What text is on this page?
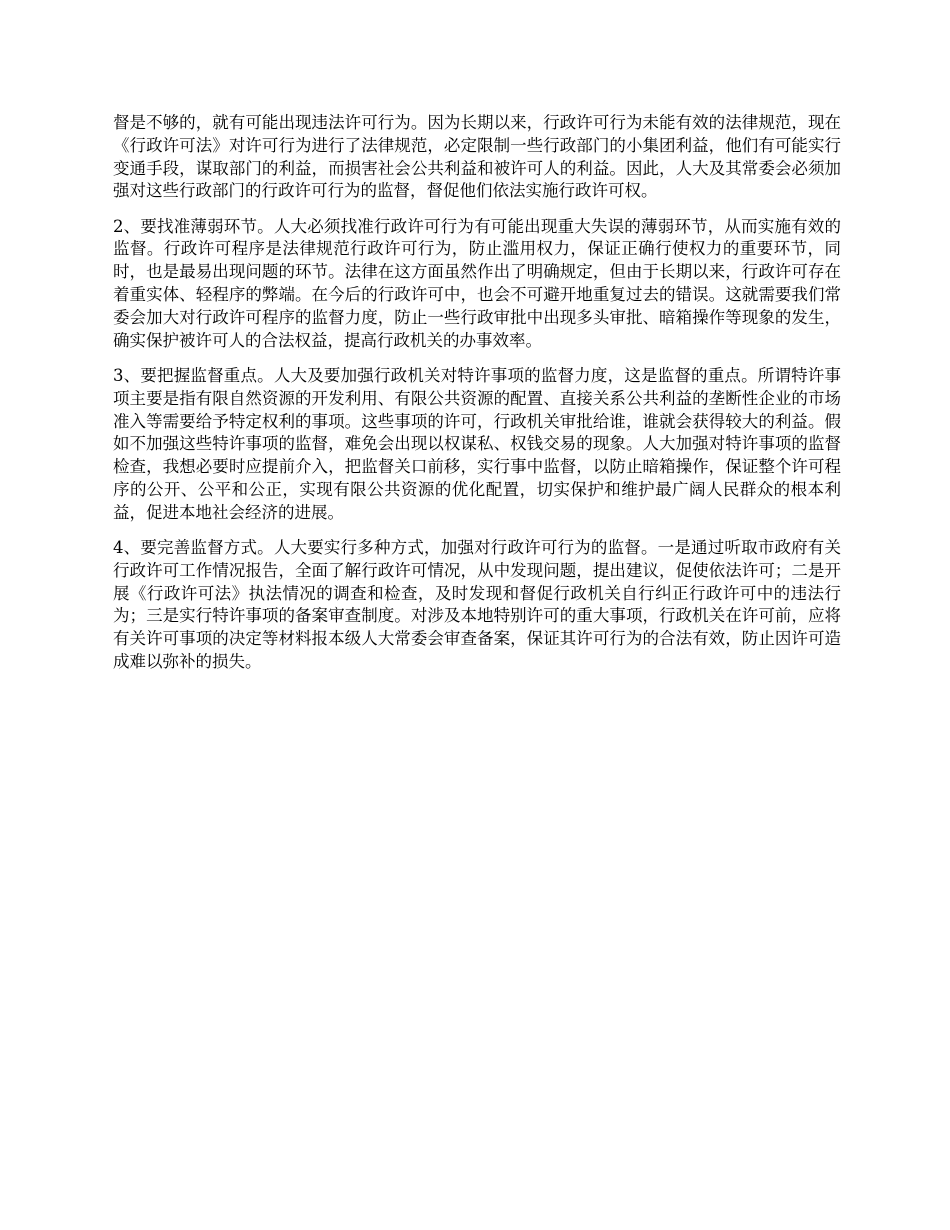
督是不够的，就有可能出现违法许可行为。因为长期以来，行政许可行为未能有效的法律规范，现在《行政许可法》对许可行为进行了法律规范，必定限制一些行政部门的小集团利益，他们有可能实行变通手段，谋取部门的利益，而损害社会公共利益和被许可人的利益。因此，人大及其常委会必须加强对这些行政部门的行政许可行为的监督，督促他们依法实施行政许可权。

2、要找准薄弱环节。人大必须找准行政许可行为有可能出现重大失误的薄弱环节，从而实施有效的监督。行政许可程序是法律规范行政许可行为，防止滥用权力，保证正确行使权力的重要环节，同时，也是最易出现问题的环节。法律在这方面虽然作出了明确规定，但由于长期以来，行政许可存在着重实体、轻程序的弊端。在今后的行政许可中，也会不可避开地重复过去的错误。这就需要我们常委会加大对行政许可程序的监督力度，防止一些行政审批中出现多头审批、暗箱操作等现象的发生，确实保护被许可人的合法权益，提高行政机关的办事效率。

3、要把握监督重点。人大及要加强行政机关对特许事项的监督力度，这是监督的重点。所谓特许事项主要是指有限自然资源的开发利用、有限公共资源的配置、直接关系公共利益的垄断性企业的市场准入等需要给予特定权利的事项。这些事项的许可，行政机关审批给谁，谁就会获得较大的利益。假如不加强这些特许事项的监督，难免会出现以权谋私、权钱交易的现象。人大加强对特许事项的监督检查，我想必要时应提前介入，把监督关口前移，实行事中监督，以防止暗箱操作，保证整个许可程序的公开、公平和公正，实现有限公共资源的优化配置，切实保护和维护最广阔人民群众的根本利益，促进本地社会经济的进展。

4、要完善监督方式。人大要实行多种方式，加强对行政许可行为的监督。一是通过听取市政府有关行政许可工作情况报告，全面了解行政许可情况，从中发现问题，提出建议，促使依法许可；二是开展《行政许可法》执法情况的调查和检查，及时发现和督促行政机关自行纠正行政许可中的违法行为；三是实行特许事项的备案审查制度。对涉及本地特别许可的重大事项，行政机关在许可前，应将有关许可事项的决定等材料报本级人大常委会审查备案，保证其许可行为的合法有效，防止因许可造成难以弥补的损失。
